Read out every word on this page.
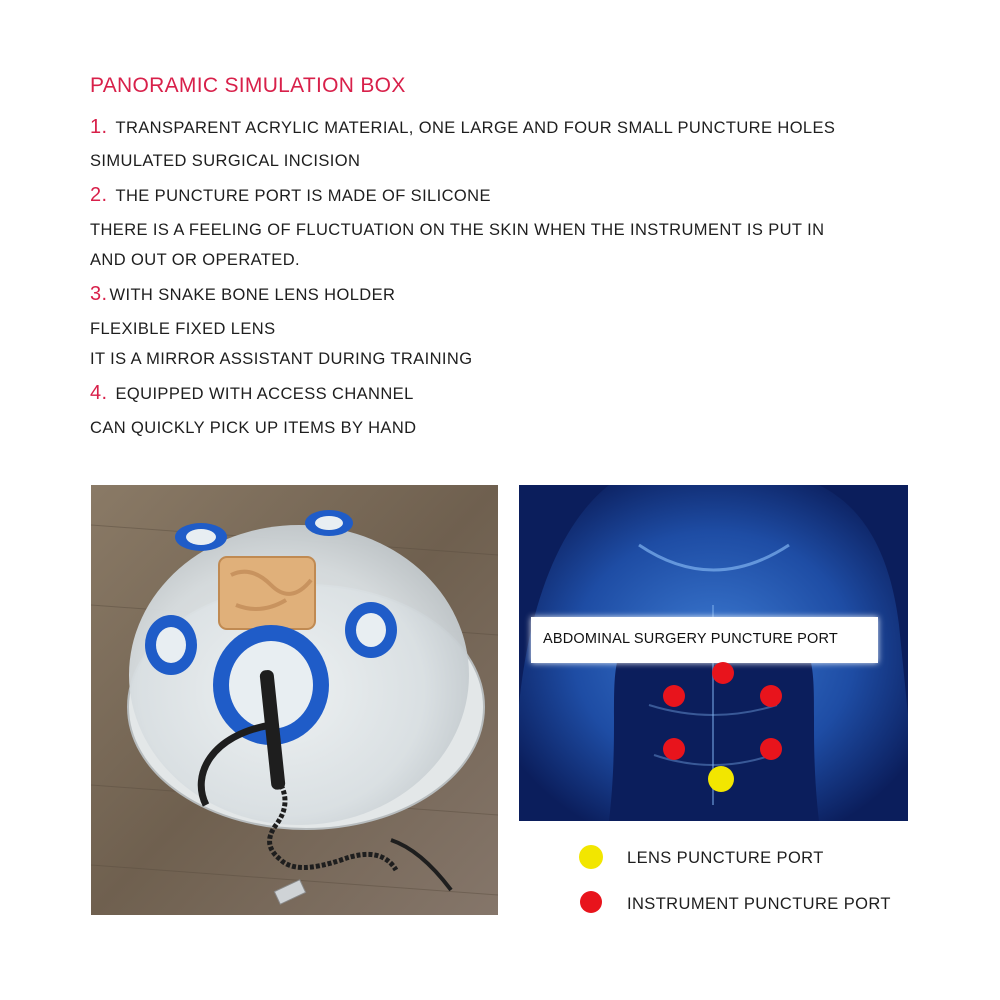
PANORAMIC SIMULATION BOX
1. TRANSPARENT ACRYLIC MATERIAL, ONE LARGE AND FOUR SMALL PUNCTURE HOLES
SIMULATED SURGICAL INCISION
2. THE PUNCTURE PORT IS MADE OF SILICONE
THERE IS A FEELING OF FLUCTUATION ON THE SKIN WHEN THE INSTRUMENT IS PUT IN
AND OUT OR OPERATED.
3. WITH SNAKE BONE LENS HOLDER
FLEXIBLE FIXED LENS
IT IS A MIRROR ASSISTANT DURING TRAINING
4. EQUIPPED WITH ACCESS CHANNEL
CAN QUICKLY PICK UP ITEMS BY HAND
ABDOMINAL SURGERY PUNCTURE PORT
LENS PUNCTURE PORT
INSTRUMENT PUNCTURE PORT
